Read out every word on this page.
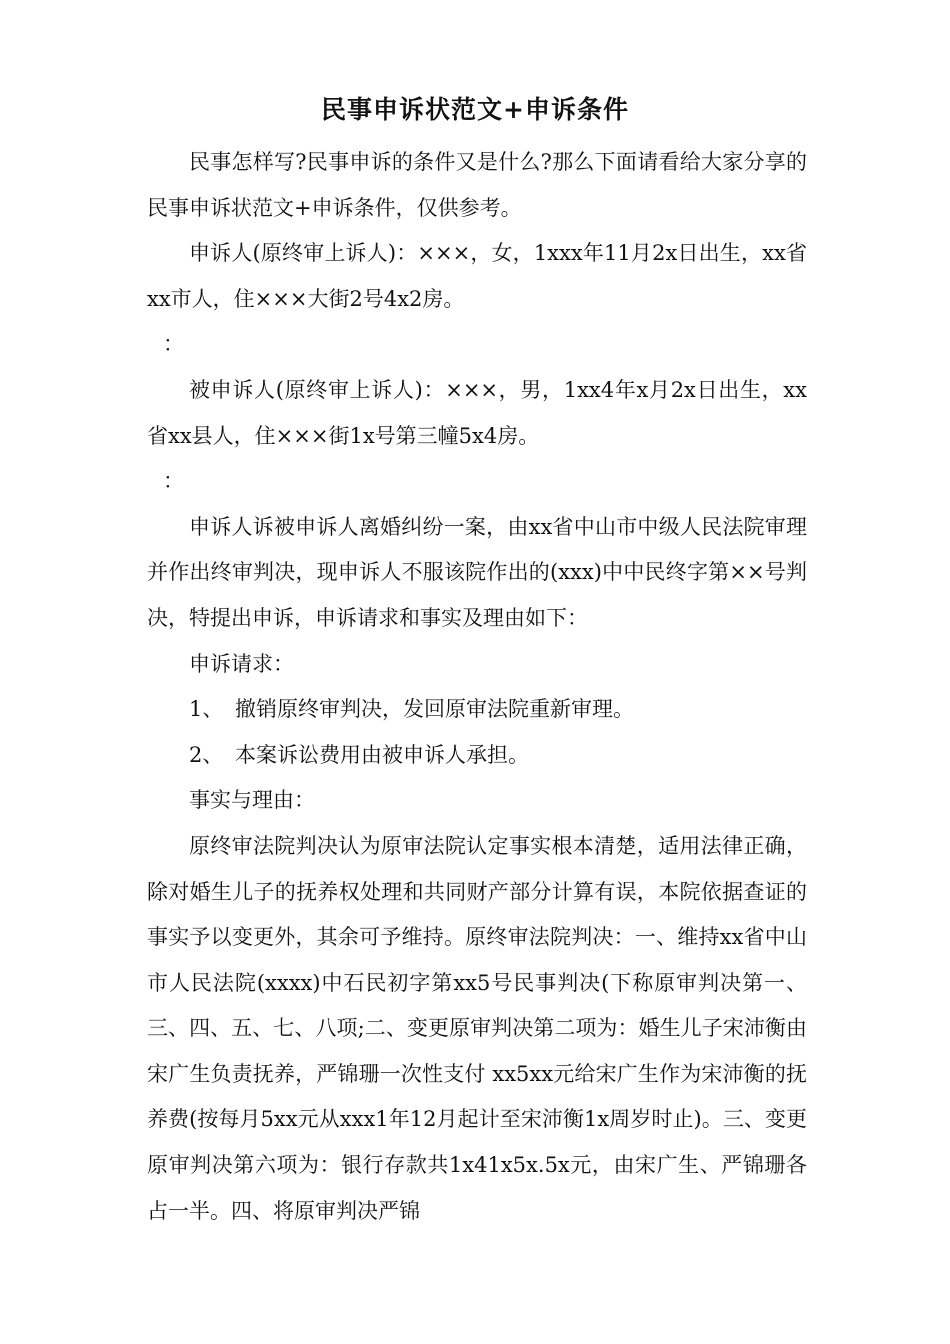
民事申诉状范文+申诉条件

民事怎样写?民事申诉的条件又是什么?那么下面请看给大家分享的民事申诉状范文+申诉条件，仅供参考。

申诉人(原终审上诉人)：×××，女，1xxx年11月2x日出生，xx省xx市人，住×××大街2号4x2房。

：

被申诉人(原终审上诉人)：×××，男，1xx4年x月2x日出生，xx省xx县人，住×××街1x号第三幢5x4房。

：

申诉人诉被申诉人离婚纠纷一案，由xx省中山市中级人民法院审理并作出终审判决，现申诉人不服该院作出的(xxx)中中民终字第××号判决，特提出申诉，申诉请求和事实及理由如下：

申诉请求：

1、 撤销原终审判决，发回原审法院重新审理。

2、 本案诉讼费用由被申诉人承担。

事实与理由：

原终审法院判决认为原审法院认定事实根本清楚，适用法律正确，除对婚生儿子的抚养权处理和共同财产部分计算有误，本院依据查证的事实予以变更外，其余可予维持。原终审法院判决：一、维持xx省中山市人民法院(xxxx)中石民初字第xx5号民事判决(下称原审判决第一、三、四、五、七、八项;二、变更原审判决第二项为：婚生儿子宋沛衡由宋广生负责抚养，严锦珊一次性支付 xx5xx元给宋广生作为宋沛衡的抚养费(按每月5xx元从xxx1年12月起计至宋沛衡1x周岁时止)。三、变更原审判决第六项为：银行存款共1x41x5x.5x元，由宋广生、严锦珊各占一半。四、将原审判决严锦
